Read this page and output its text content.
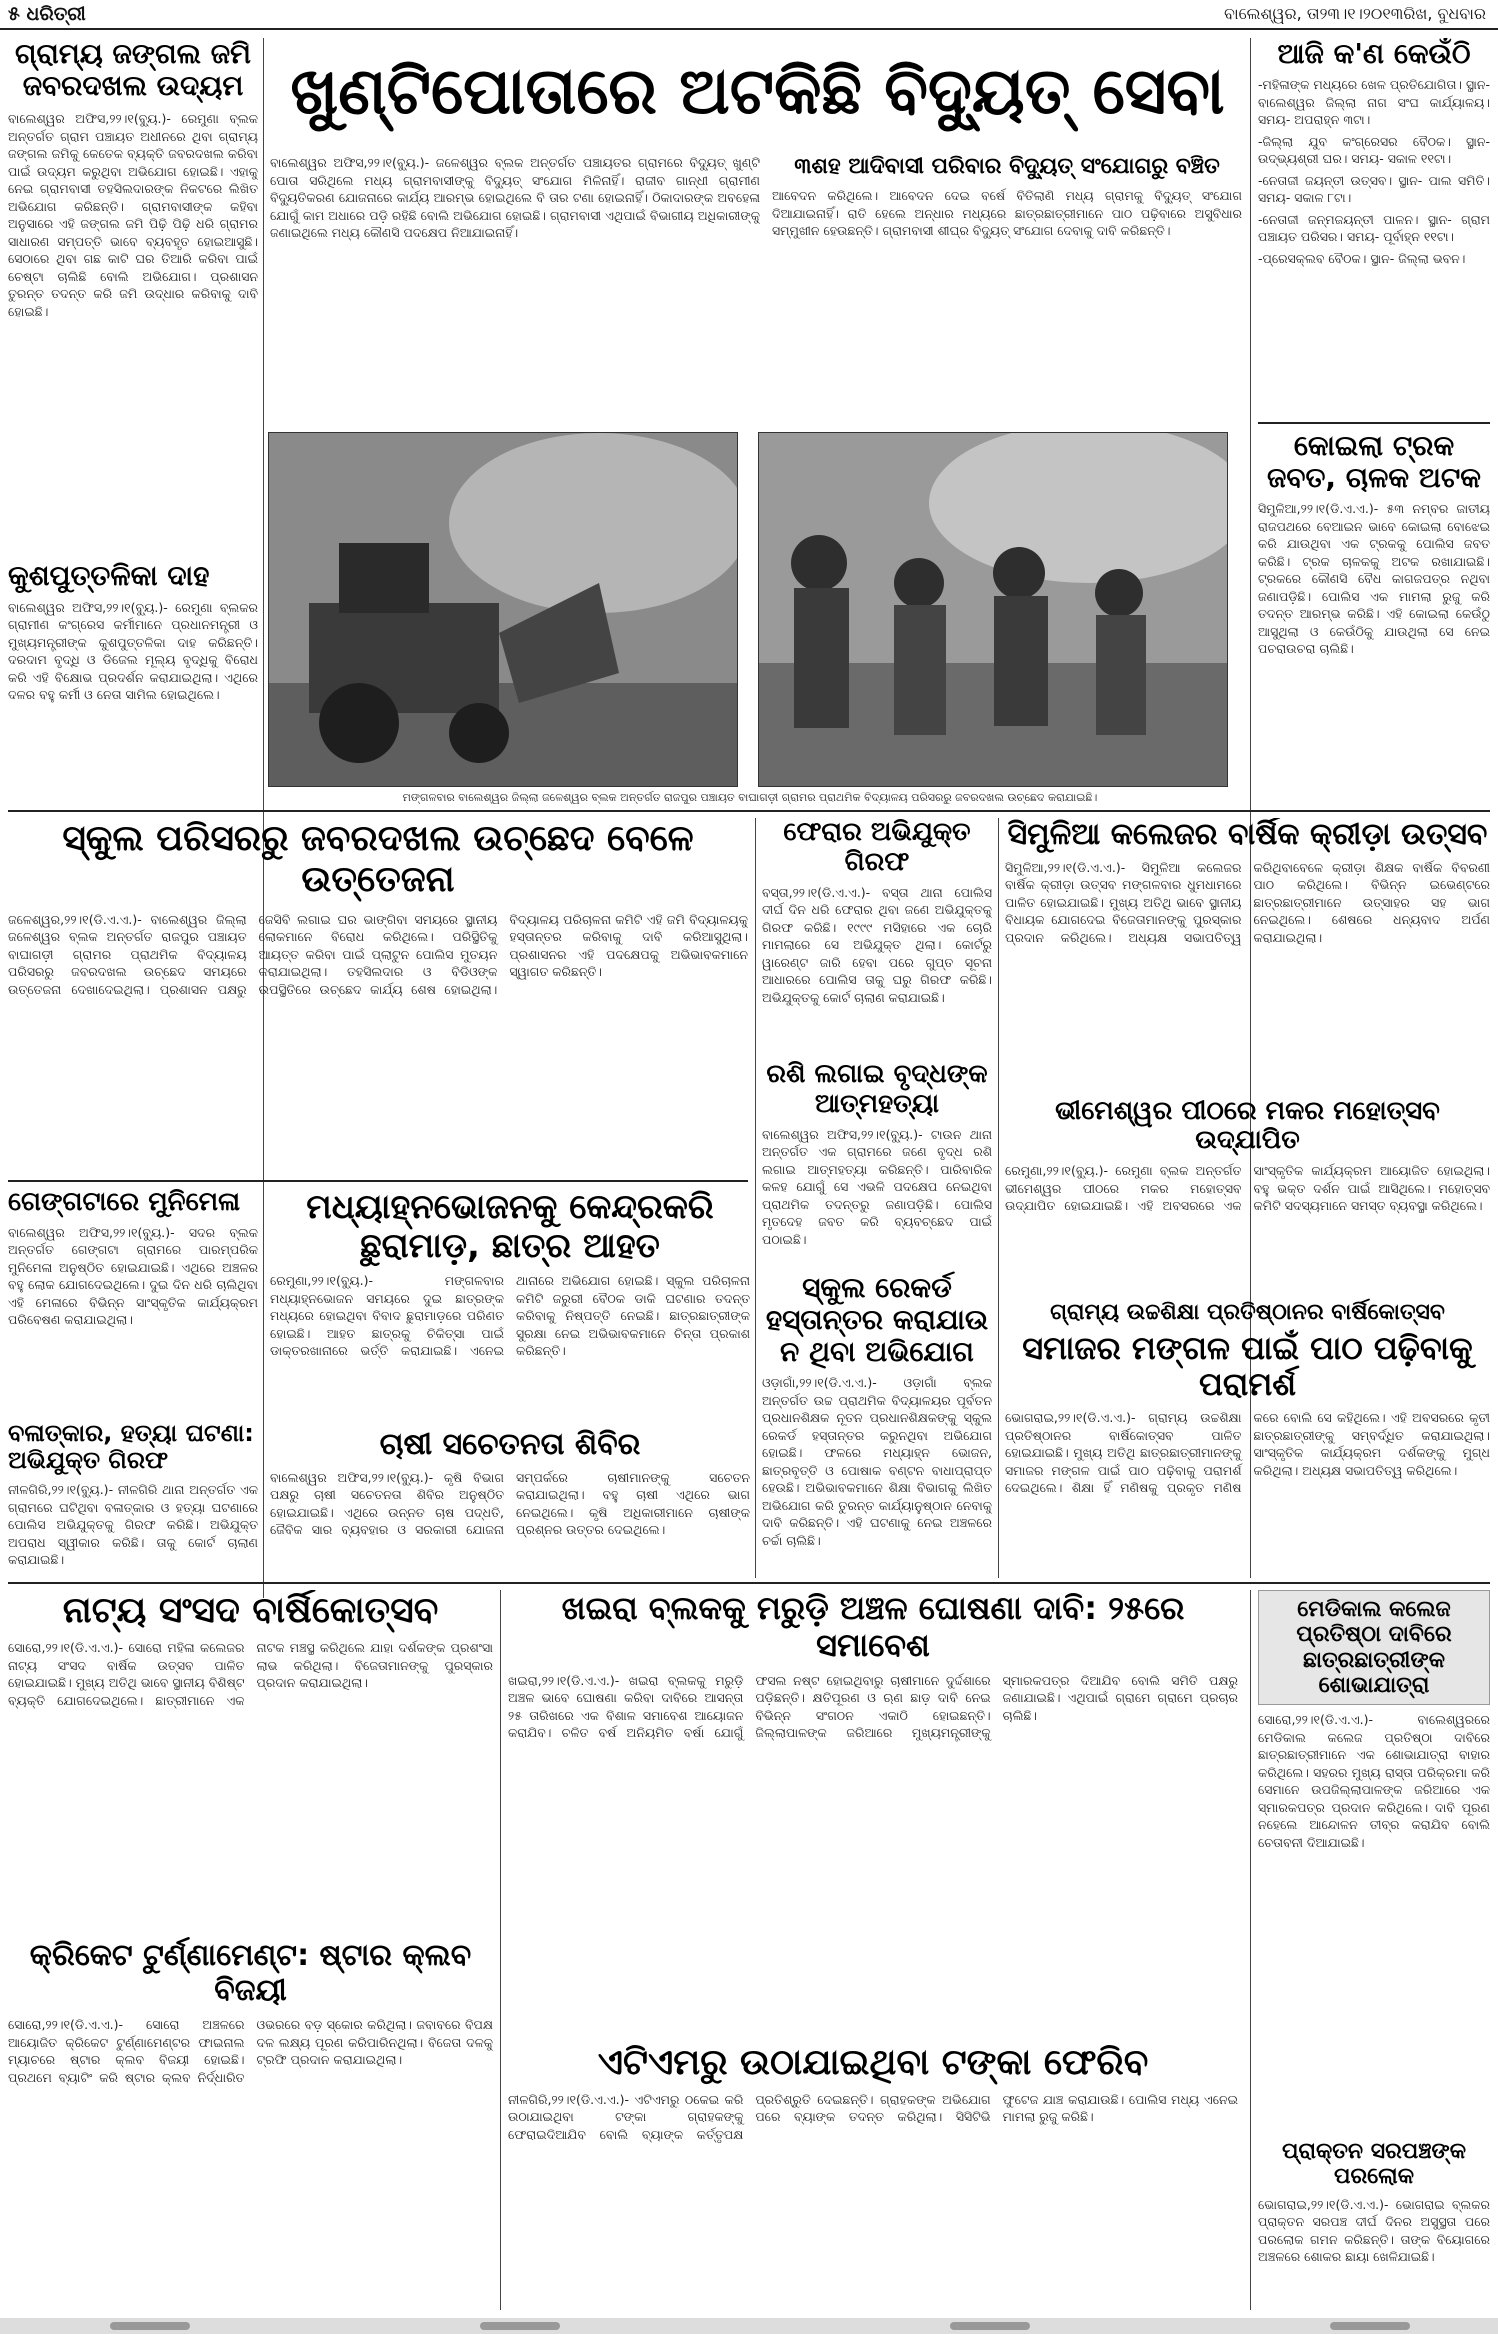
୫ ଧରିତ୍ରୀ	ବାଲେଶ୍ୱର, ତା୨୩।୧।୨୦୧୩ରିଖ, ବୁଧବାର
ଗ୍ରାମ୍ୟ ଜଙ୍ଗଲ ଜମି ଜବରଦଖଲ ଉଦ୍ୟମ
ବାଲେଶ୍ୱର ଅଫିସ,୨୨।୧(ବ୍ୟୁ.)- ରେମୁଣା ବ୍ଲକ ଅନ୍ତର୍ଗତ ଗ୍ରାମ ପଞ୍ଚାୟତ ଅଧୀନରେ ଥିବା ଗ୍ରାମ୍ୟ ଜଙ୍ଗଲ ଜମିକୁ କେତେକ ବ୍ୟକ୍ତି ଜବରଦଖଲ କରିବା ପାଇଁ ଉଦ୍ୟମ କରୁଥିବା ଅଭିଯୋଗ ହୋଇଛି। ଏହାକୁ ନେଇ ଗ୍ରାମବାସୀ ତହସିଲଦାରଙ୍କ ନିକଟରେ ଲିଖିତ ଅଭିଯୋଗ କରିଛନ୍ତି। ଗ୍ରାମବାସୀଙ୍କ କହିବା ଅନୁସାରେ ଏହି ଜଙ୍ଗଲ ଜମି ପିଢ଼ି ପିଢ଼ି ଧରି ଗ୍ରାମର ସାଧାରଣ ସମ୍ପତ୍ତି ଭାବେ ବ୍ୟବହୃତ ହୋଇଆସୁଛି। ସେଠାରେ ଥିବା ଗଛ କାଟି ଘର ତିଆରି କରିବା ପାଇଁ ଚେଷ୍ଟା ଚାଲିଛି ବୋଲି ଅଭିଯୋଗ। ପ୍ରଶାସନ ତୁରନ୍ତ ତଦନ୍ତ କରି ଜମି ଉଦ୍ଧାର କରିବାକୁ ଦାବି ହୋଇଛି।
କୁଶପୁତ୍ତଳିକା ଦାହ
ବାଲେଶ୍ୱର ଅଫିସ,୨୨।୧(ବ୍ୟୁ.)- ରେମୁଣା ବ୍ଲକର ଗ୍ରାମୀଣ କଂଗ୍ରେସ କର୍ମୀମାନେ ପ୍ରଧାନମନ୍ତ୍ରୀ ଓ ମୁଖ୍ୟମନ୍ତ୍ରୀଙ୍କ କୁଶପୁତ୍ତଳିକା ଦାହ କରିଛନ୍ତି। ଦରଦାମ ବୃଦ୍ଧି ଓ ଡିଜେଲ ମୂଲ୍ୟ ବୃଦ୍ଧିକୁ ବିରୋଧ କରି ଏହି ବିକ୍ଷୋଭ ପ୍ରଦର୍ଶନ କରାଯାଇଥିଲା। ଏଥିରେ ଦଳର ବହୁ କର୍ମୀ ଓ ନେତା ସାମିଲ ହୋଇଥିଲେ।
ଖୁଣ୍ଟିପୋତାରେ ଅଟକିଛି ବିଦ୍ୟୁତ୍ ସେବା
ବାଲେଶ୍ୱର ଅଫିସ,୨୨।୧(ବ୍ୟୁ.)- ଜଳେଶ୍ୱର ବ୍ଲକ ଅନ୍ତର୍ଗତ ପଞ୍ଚାୟତର ଗ୍ରାମରେ ବିଦ୍ୟୁତ୍ ଖୁଣ୍ଟି ପୋତା ସରିଥିଲେ ମଧ୍ୟ ଗ୍ରାମବାସୀଙ୍କୁ ବିଦ୍ୟୁତ୍ ସଂଯୋଗ ମିଳିନାହିଁ। ରାଜୀବ ଗାନ୍ଧୀ ଗ୍ରାମୀଣ ବିଦ୍ୟୁତିକରଣ ଯୋଜନାରେ କାର୍ଯ୍ୟ ଆରମ୍ଭ ହୋଇଥିଲେ ବି ତାର ଟଣା ହୋଇନାହିଁ। ଠିକାଦାରଙ୍କ ଅବହେଳା ଯୋଗୁଁ କାମ ଅଧାରେ ପଡ଼ି ରହିଛି ବୋଲି ଅଭିଯୋଗ ହୋଇଛି। ଗ୍ରାମବାସୀ ଏଥିପାଇଁ ବିଭାଗୀୟ ଅଧିକାରୀଙ୍କୁ ଜଣାଇଥିଲେ ମଧ୍ୟ କୌଣସି ପଦକ୍ଷେପ ନିଆଯାଇନାହିଁ।
୩ଶହ ଆଦିବାସୀ ପରିବାର ବିଦ୍ୟୁତ୍ ସଂଯୋଗରୁ ବଞ୍ଚିତ
ଆବେଦନ କରିଥିଲେ। ଆବେଦନ ଦେଇ ବର୍ଷେ ବିତିଲାଣି ମଧ୍ୟ ଗ୍ରାମକୁ ବିଦ୍ୟୁତ୍ ସଂଯୋଗ ଦିଆଯାଇନାହିଁ। ରାତି ହେଲେ ଅନ୍ଧାର ମଧ୍ୟରେ ଛାତ୍ରଛାତ୍ରୀମାନେ ପାଠ ପଢ଼ିବାରେ ଅସୁବିଧାର ସମ୍ମୁଖୀନ ହେଉଛନ୍ତି। ଗ୍ରାମବାସୀ ଶୀଘ୍ର ବିଦ୍ୟୁତ୍ ସଂଯୋଗ ଦେବାକୁ ଦାବି କରିଛନ୍ତି।
ମଙ୍ଗଳବାର ବାଲେଶ୍ୱର ଜିଲ୍ଲା ଜଳେଶ୍ୱର ବ୍ଲକ ଅନ୍ତର୍ଗତ ରାଜପୁର ପଞ୍ଚାୟତ ବାଘାଗଡ଼ୀ ଗ୍ରାମର ପ୍ରାଥମିକ ବିଦ୍ୟାଳୟ ପରିସରରୁ ଜବରଦଖଲ ଉଚ୍ଛେଦ କରାଯାଇଛି।
ଆଜି କ'ଣ କେଉଁଠି
-ମହିଳାଙ୍କ ମଧ୍ୟରେ ଖେଳ ପ୍ରତିଯୋଗିତା। ସ୍ଥାନ- ବାଲେଶ୍ୱର ଜିଲ୍ଲା ନାଗ ସଂଘ କାର୍ଯ୍ୟାଳୟ। ସମୟ- ଅପରାହ୍ନ ୩ଟା।
-ଜିଲ୍ଲା ଯୁବ କଂଗ୍ରେସର ବୈଠକ। ସ୍ଥାନ- ଉଦ୍ଭ୍ୟଶ୍ରୀ ଘର। ସମୟ- ସକାଳ ୧୧ଟା।
-ନେତାଜୀ ଜୟନ୍ତୀ ଉତ୍ସବ। ସ୍ଥାନ- ପାଲ ସମିତି। ସମୟ- ସକାଳ ୮ଟା।
-ନେତାଜୀ ଜନ୍ମଜୟନ୍ତୀ ପାଳନ। ସ୍ଥାନ- ଗ୍ରାମ ପଞ୍ଚାୟତ ପରିସର। ସମୟ- ପୂର୍ବାହ୍ନ ୧୧ଟା।
-ପ୍ରେସକ୍ଲବ ବୈଠକ। ସ୍ଥାନ- ଜିଲ୍ଲା ଭବନ।
କୋଇଲା ଟ୍ରକ ଜବତ, ଚାଳକ ଅଟକ
ସିମୁଳିଆ,୨୨।୧(ଡି.ଏ.ଏ.)- ୫୩ ନମ୍ବର ଜାତୀୟ ରାଜପଥରେ ବେଆଇନ ଭାବେ କୋଇଲା ବୋଝେଇ କରି ଯାଉଥିବା ଏକ ଟ୍ରକକୁ ପୋଲିସ ଜବତ କରିଛି। ଟ୍ରକ ଚାଳକକୁ ଅଟକ ରଖାଯାଇଛି। ଟ୍ରକରେ କୌଣସି ବୈଧ କାଗଜପତ୍ର ନଥିବା ଜଣାପଡ଼ିଛି। ପୋଲିସ ଏକ ମାମଲା ରୁଜୁ କରି ତଦନ୍ତ ଆରମ୍ଭ କରିଛି। ଏହି କୋଇଲା କେଉଁଠୁ ଆସୁଥିଲା ଓ କେଉଁଠିକୁ ଯାଉଥିଲା ସେ ନେଇ ପଚରାଉଚରା ଚାଲିଛି।
ସ୍କୁଲ ପରିସରରୁ ଜବରଦଖଲ ଉଚ୍ଛେଦ ବେଳେ ଉତ୍ତେଜନା
ଜଳେଶ୍ୱର,୨୨।୧(ଡି.ଏ.ଏ.)- ବାଲେଶ୍ୱର ଜିଲ୍ଲା ଜଳେଶ୍ୱର ବ୍ଲକ ଅନ୍ତର୍ଗତ ରାଜପୁର ପଞ୍ଚାୟତ ବାଘାଗଡ଼ୀ ଗ୍ରାମର ପ୍ରାଥମିକ ବିଦ୍ୟାଳୟ ପରିସରରୁ ଜବରଦଖଲ ଉଚ୍ଛେଦ ସମୟରେ ଉତ୍ତେଜନା ଦେଖାଦେଇଥିଲା। ପ୍ରଶାସନ ପକ୍ଷରୁ ଜେସିବି ଲଗାଇ ଘର ଭାଙ୍ଗିବା ସମୟରେ ସ୍ଥାନୀୟ ଲୋକମାନେ ବିରୋଧ କରିଥିଲେ। ପରିସ୍ଥିତିକୁ ଆୟତ୍ତ କରିବା ପାଇଁ ପ୍ଲାଟୁନ ପୋଲିସ ମୁତୟନ କରାଯାଇଥିଲା। ତହସିଲଦାର ଓ ବିଡିଓଙ୍କ ଉପସ୍ଥିତିରେ ଉଚ୍ଛେଦ କାର୍ଯ୍ୟ ଶେଷ ହୋଇଥିଲା। ବିଦ୍ୟାଳୟ ପରିଚାଳନା କମିଟି ଏହି ଜମି ବିଦ୍ୟାଳୟକୁ ହସ୍ତାନ୍ତର କରିବାକୁ ଦାବି କରିଆସୁଥିଲା। ପ୍ରଶାସନର ଏହି ପଦକ୍ଷେପକୁ ଅଭିଭାବକମାନେ ସ୍ୱାଗତ କରିଛନ୍ତି।
ଫେରାର ଅଭିଯୁକ୍ତ ଗିରଫ
ବସ୍ତା,୨୨।୧(ଡି.ଏ.ଏ.)- ବସ୍ତା ଥାନା ପୋଲିସ ଦୀର୍ଘ ଦିନ ଧରି ଫେରାର ଥିବା ଜଣେ ଅଭିଯୁକ୍ତକୁ ଗିରଫ କରିଛି। ୧୯୯୯ ମସିହାରେ ଏକ ଚୋରି ମାମଲାରେ ସେ ଅଭିଯୁକ୍ତ ଥିଲା। କୋର୍ଟରୁ ୱାରେଣ୍ଟ ଜାରି ହେବା ପରେ ଗୁପ୍ତ ସୂଚନା ଆଧାରରେ ପୋଲିସ ତାକୁ ଘରୁ ଗିରଫ କରିଛି। ଅଭିଯୁକ୍ତକୁ କୋର୍ଟ ଚାଲାଣ କରାଯାଇଛି।
ରଶି ଲଗାଇ ବୃଦ୍ଧଙ୍କ ଆତ୍ମହତ୍ୟା
ବାଲେଶ୍ୱର ଅଫିସ,୨୨।୧(ବ୍ୟୁ.)- ଟାଉନ ଥାନା ଅନ୍ତର୍ଗତ ଏକ ଗ୍ରାମରେ ଜଣେ ବୃଦ୍ଧ ରଶି ଲଗାଇ ଆତ୍ମହତ୍ୟା କରିଛନ୍ତି। ପାରିବାରିକ କଳହ ଯୋଗୁଁ ସେ ଏଭଳି ପଦକ୍ଷେପ ନେଇଥିବା ପ୍ରାଥମିକ ତଦନ୍ତରୁ ଜଣାପଡ଼ିଛି। ପୋଲିସ ମୃତଦେହ ଜବତ କରି ବ୍ୟବଚ୍ଛେଦ ପାଇଁ ପଠାଇଛି।
ସ୍କୁଲ ରେକର୍ଡ ହସ୍ତାନ୍ତର କରାଯାଉ ନ ଥିବା ଅଭିଯୋଗ
ଓଡ଼ାଗାଁ,୨୨।୧(ଡି.ଏ.ଏ.)- ଓଡ଼ାଗାଁ ବ୍ଲକ ଅନ୍ତର୍ଗତ ଉଚ୍ଚ ପ୍ରାଥମିକ ବିଦ୍ୟାଳୟର ପୂର୍ବତନ ପ୍ରଧାନଶିକ୍ଷକ ନୂତନ ପ୍ରଧାନଶିକ୍ଷକଙ୍କୁ ସ୍କୁଲ ରେକର୍ଡ ହସ୍ତାନ୍ତର କରୁନଥିବା ଅଭିଯୋଗ ହୋଇଛି। ଫଳରେ ମଧ୍ୟାହ୍ନ ଭୋଜନ, ଛାତ୍ରବୃତ୍ତି ଓ ପୋଷାକ ବଣ୍ଟନ ବାଧାପ୍ରାପ୍ତ ହେଉଛି। ଅଭିଭାବକମାନେ ଶିକ୍ଷା ବିଭାଗକୁ ଲିଖିତ ଅଭିଯୋଗ କରି ତୁରନ୍ତ କାର୍ଯ୍ୟାନୁଷ୍ଠାନ ନେବାକୁ ଦାବି କରିଛନ୍ତି। ଏହି ଘଟଣାକୁ ନେଇ ଅଞ୍ଚଳରେ ଚର୍ଚ୍ଚା ଚାଲିଛି।
ସିମୁଳିଆ କଲେଜର ବାର୍ଷିକ କ୍ରୀଡ଼ା ଉତ୍ସବ
ସିମୁଳିଆ,୨୨।୧(ଡି.ଏ.ଏ.)- ସିମୁଳିଆ କଲେଜର ବାର୍ଷିକ କ୍ରୀଡ଼ା ଉତ୍ସବ ମଙ୍ଗଳବାର ଧୁମଧାମରେ ପାଳିତ ହୋଇଯାଇଛି। ମୁଖ୍ୟ ଅତିଥି ଭାବେ ସ୍ଥାନୀୟ ବିଧାୟକ ଯୋଗଦେଇ ବିଜେତାମାନଙ୍କୁ ପୁରସ୍କାର ପ୍ରଦାନ କରିଥିଲେ। ଅଧ୍ୟକ୍ଷ ସଭାପତିତ୍ୱ କରିଥିବାବେଳେ କ୍ରୀଡ଼ା ଶିକ୍ଷକ ବାର୍ଷିକ ବିବରଣୀ ପାଠ କରିଥିଲେ। ବିଭିନ୍ନ ଇଭେଣ୍ଟରେ ଛାତ୍ରଛାତ୍ରୀମାନେ ଉତ୍ସାହର ସହ ଭାଗ ନେଇଥିଲେ। ଶେଷରେ ଧନ୍ୟବାଦ ଅର୍ପଣ କରାଯାଇଥିଲା।
ଭୀମେଶ୍ୱର ପୀଠରେ ମକର ମହୋତ୍ସବ ଉଦ୍‌ଯାପିତ
ରେମୁଣା,୨୨।୧(ବ୍ୟୁ.)- ରେମୁଣା ବ୍ଲକ ଅନ୍ତର୍ଗତ ଭୀମେଶ୍ୱର ପୀଠରେ ମକର ମହୋତ୍ସବ ଉଦ୍‌ଯାପିତ ହୋଇଯାଇଛି। ଏହି ଅବସରରେ ଏକ ସାଂସ୍କୃତିକ କାର୍ଯ୍ୟକ୍ରମ ଆୟୋଜିତ ହୋଇଥିଲା। ବହୁ ଭକ୍ତ ଦର୍ଶନ ପାଇଁ ଆସିଥିଲେ। ମହୋତ୍ସବ କମିଟି ସଦସ୍ୟମାନେ ସମସ୍ତ ବ୍ୟବସ୍ଥା କରିଥିଲେ।
ଗ୍ରାମ୍ୟ ଉଚ୍ଚଶିକ୍ଷା ପ୍ରତିଷ୍ଠାନର ବାର୍ଷିକୋତ୍ସବ
ସମାଜର ମଙ୍ଗଳ ପାଇଁ ପାଠ ପଢ଼ିବାକୁ ପରାମର୍ଶ
ଭୋଗରାଇ,୨୨।୧(ଡି.ଏ.ଏ.)- ଗ୍ରାମ୍ୟ ଉଚ୍ଚଶିକ୍ଷା ପ୍ରତିଷ୍ଠାନର ବାର୍ଷିକୋତ୍ସବ ପାଳିତ ହୋଇଯାଇଛି। ମୁଖ୍ୟ ଅତିଥି ଛାତ୍ରଛାତ୍ରୀମାନଙ୍କୁ ସମାଜର ମଙ୍ଗଳ ପାଇଁ ପାଠ ପଢ଼ିବାକୁ ପରାମର୍ଶ ଦେଇଥିଲେ। ଶିକ୍ଷା ହିଁ ମଣିଷକୁ ପ୍ରକୃତ ମଣିଷ କରେ ବୋଲି ସେ କହିଥିଲେ। ଏହି ଅବସରରେ କୃତୀ ଛାତ୍ରଛାତ୍ରୀଙ୍କୁ ସମ୍ବର୍ଦ୍ଧିତ କରାଯାଇଥିଲା। ସାଂସ୍କୃତିକ କାର୍ଯ୍ୟକ୍ରମ ଦର୍ଶକଙ୍କୁ ମୁଗ୍ଧ କରିଥିଲା। ଅଧ୍ୟକ୍ଷ ସଭାପତିତ୍ୱ କରିଥିଲେ।
ଗେଙ୍ଗଟାରେ ମୁନିମେଳା
ବାଲେଶ୍ୱର ଅଫିସ,୨୨।୧(ବ୍ୟୁ.)- ସଦର ବ୍ଲକ ଅନ୍ତର୍ଗତ ଗେଙ୍ଗଟା ଗ୍ରାମରେ ପାରମ୍ପରିକ ମୁନିମେଳା ଅନୁଷ୍ଠିତ ହୋଇଯାଇଛି। ଏଥିରେ ଅଞ୍ଚଳର ବହୁ ଲୋକ ଯୋଗଦେଇଥିଲେ। ଦୁଇ ଦିନ ଧରି ଚାଲିଥିବା ଏହି ମେଳାରେ ବିଭିନ୍ନ ସାଂସ୍କୃତିକ କାର୍ଯ୍ୟକ୍ରମ ପରିବେଷଣ କରାଯାଇଥିଲା।
ବଳାତ୍କାର, ହତ୍ୟା ଘଟଣା: ଅଭିଯୁକ୍ତ ଗିରଫ
ନୀଳଗିରି,୨୨।୧(ବ୍ୟୁ.)- ନୀଳଗିରି ଥାନା ଅନ୍ତର୍ଗତ ଏକ ଗ୍ରାମରେ ଘଟିଥିବା ବଳାତ୍କାର ଓ ହତ୍ୟା ଘଟଣାରେ ପୋଲିସ ଅଭିଯୁକ୍ତକୁ ଗିରଫ କରିଛି। ଅଭିଯୁକ୍ତ ଅପରାଧ ସ୍ୱୀକାର କରିଛି। ତାକୁ କୋର୍ଟ ଚାଲାଣ କରାଯାଇଛି।
ମଧ୍ୟାହ୍ନଭୋଜନକୁ କେନ୍ଦ୍ରକରି ଛୁରାମାଡ଼, ଛାତ୍ର ଆହତ
ରେମୁଣା,୨୨।୧(ବ୍ୟୁ.)- ମଙ୍ଗଳବାର ମଧ୍ୟାହ୍ନଭୋଜନ ସମୟରେ ଦୁଇ ଛାତ୍ରଙ୍କ ମଧ୍ୟରେ ହୋଇଥିବା ବିବାଦ ଛୁରାମାଡ଼ରେ ପରିଣତ ହୋଇଛି। ଆହତ ଛାତ୍ରକୁ ଚିକିତ୍ସା ପାଇଁ ଡାକ୍ତରଖାନାରେ ଭର୍ତ୍ତି କରାଯାଇଛି। ଏନେଇ ଥାନାରେ ଅଭିଯୋଗ ହୋଇଛି। ସ୍କୁଲ ପରିଚାଳନା କମିଟି ଜରୁରୀ ବୈଠକ ଡାକି ଘଟଣାର ତଦନ୍ତ କରିବାକୁ ନିଷ୍ପତ୍ତି ନେଇଛି। ଛାତ୍ରଛାତ୍ରୀଙ୍କ ସୁରକ୍ଷା ନେଇ ଅଭିଭାବକମାନେ ଚିନ୍ତା ପ୍ରକାଶ କରିଛନ୍ତି।
ଚାଷୀ ସଚେତନତା ଶିବିର
ବାଲେଶ୍ୱର ଅଫିସ,୨୨।୧(ବ୍ୟୁ.)- କୃଷି ବିଭାଗ ପକ୍ଷରୁ ଚାଷୀ ସଚେତନତା ଶିବିର ଅନୁଷ୍ଠିତ ହୋଇଯାଇଛି। ଏଥିରେ ଉନ୍ନତ ଚାଷ ପଦ୍ଧତି, ଜୈବିକ ସାର ବ୍ୟବହାର ଓ ସରକାରୀ ଯୋଜନା ସମ୍ପର୍କରେ ଚାଷୀମାନଙ୍କୁ ସଚେତନ କରାଯାଇଥିଲା। ବହୁ ଚାଷୀ ଏଥିରେ ଭାଗ ନେଇଥିଲେ। କୃଷି ଅଧିକାରୀମାନେ ଚାଷୀଙ୍କ ପ୍ରଶ୍ନର ଉତ୍ତର ଦେଇଥିଲେ।
ନାଟ୍ୟ ସଂସଦ ବାର୍ଷିକୋତ୍ସବ
ସୋରୋ,୨୨।୧(ଡି.ଏ.ଏ.)- ସୋରୋ ମହିଳା କଲେଜର ନାଟ୍ୟ ସଂସଦ ବାର୍ଷିକ ଉତ୍ସବ ପାଳିତ ହୋଇଯାଇଛି। ମୁଖ୍ୟ ଅତିଥି ଭାବେ ସ୍ଥାନୀୟ ବିଶିଷ୍ଟ ବ୍ୟକ୍ତି ଯୋଗଦେଇଥିଲେ। ଛାତ୍ରୀମାନେ ଏକ ନାଟକ ମଞ୍ଚସ୍ଥ କରିଥିଲେ ଯାହା ଦର୍ଶକଙ୍କ ପ୍ରଶଂସା ଲାଭ କରିଥିଲା। ବିଜେତାମାନଙ୍କୁ ପୁରସ୍କାର ପ୍ରଦାନ କରାଯାଇଥିଲା।
କ୍ରିକେଟ ଟୁର୍ଣ୍ଣାମେଣ୍ଟ: ଷ୍ଟାର କ୍ଲବ ବିଜୟୀ
ସୋରୋ,୨୨।୧(ଡି.ଏ.ଏ.)- ସୋରୋ ଅଞ୍ଚଳରେ ଆୟୋଜିତ କ୍ରିକେଟ ଟୁର୍ଣ୍ଣାମେଣ୍ଟର ଫାଇନାଲ ମ୍ୟାଚରେ ଷ୍ଟାର କ୍ଲବ ବିଜୟୀ ହୋଇଛି। ପ୍ରଥମେ ବ୍ୟାଟିଂ କରି ଷ୍ଟାର କ୍ଲବ ନିର୍ଦ୍ଧାରିତ ଓଭରରେ ବଡ଼ ସ୍କୋର କରିଥିଲା। ଜବାବରେ ବିପକ୍ଷ ଦଳ ଲକ୍ଷ୍ୟ ପୂରଣ କରିପାରିନଥିଲା। ବିଜେତା ଦଳକୁ ଟ୍ରଫି ପ୍ରଦାନ କରାଯାଇଥିଲା।
ଖଇରା ବ୍ଲକକୁ ମରୁଡ଼ି ଅଞ୍ଚଳ ଘୋଷଣା ଦାବି: ୨୫ରେ ସମାବେଶ
ଖଇରା,୨୨।୧(ଡି.ଏ.ଏ.)- ଖଇରା ବ୍ଲକକୁ ମରୁଡ଼ି ଅଞ୍ଚଳ ଭାବେ ଘୋଷଣା କରିବା ଦାବିରେ ଆସନ୍ତା ୨୫ ତାରିଖରେ ଏକ ବିଶାଳ ସମାବେଶ ଆୟୋଜନ କରାଯିବ। ଚଳିତ ବର୍ଷ ଅନିୟମିତ ବର୍ଷା ଯୋଗୁଁ ଫସଲ ନଷ୍ଟ ହୋଇଥିବାରୁ ଚାଷୀମାନେ ଦୁର୍ଦ୍ଦଶାରେ ପଡ଼ିଛନ୍ତି। କ୍ଷତିପୂରଣ ଓ ଋଣ ଛାଡ଼ ଦାବି ନେଇ ବିଭିନ୍ନ ସଂଗଠନ ଏକାଠି ହୋଇଛନ୍ତି। ଜିଲ୍ଲାପାଳଙ୍କ ଜରିଆରେ ମୁଖ୍ୟମନ୍ତ୍ରୀଙ୍କୁ ସ୍ମାରକପତ୍ର ଦିଆଯିବ ବୋଲି ସମିତି ପକ୍ଷରୁ ଜଣାଯାଇଛି। ଏଥିପାଇଁ ଗ୍ରାମେ ଗ୍ରାମେ ପ୍ରଚାର ଚାଲିଛି।
ଏଟିଏମରୁ ଉଠାଯାଇଥିବା ଟଙ୍କା ଫେରିବ
ନୀଳଗିରି,୨୨।୧(ଡି.ଏ.ଏ.)- ଏଟିଏମରୁ ଠକେଇ କରି ଉଠାଯାଇଥିବା ଟଙ୍କା ଗ୍ରାହକଙ୍କୁ ଫେରାଇଦିଆଯିବ ବୋଲି ବ୍ୟାଙ୍କ କର୍ତ୍ତୃପକ୍ଷ ପ୍ରତିଶ୍ରୁତି ଦେଇଛନ୍ତି। ଗ୍ରାହକଙ୍କ ଅଭିଯୋଗ ପରେ ବ୍ୟାଙ୍କ ତଦନ୍ତ କରିଥିଲା। ସିସିଟିଭି ଫୁଟେଜ ଯାଞ୍ଚ କରାଯାଉଛି। ପୋଲିସ ମଧ୍ୟ ଏନେଇ ମାମଲା ରୁଜୁ କରିଛି।
ମେଡିକାଲ କଲେଜ ପ୍ରତିଷ୍ଠା ଦାବିରେ ଛାତ୍ରଛାତ୍ରୀଙ୍କ ଶୋଭାଯାତ୍ରା
ସୋରୋ,୨୨।୧(ଡି.ଏ.ଏ.)- ବାଲେଶ୍ୱରରେ ମେଡିକାଲ କଲେଜ ପ୍ରତିଷ୍ଠା ଦାବିରେ ଛାତ୍ରଛାତ୍ରୀମାନେ ଏକ ଶୋଭାଯାତ୍ରା ବାହାର କରିଥିଲେ। ସହରର ମୁଖ୍ୟ ରାସ୍ତା ପରିକ୍ରମା କରି ସେମାନେ ଉପଜିଲ୍ଲାପାଳଙ୍କ ଜରିଆରେ ଏକ ସ୍ମାରକପତ୍ର ପ୍ରଦାନ କରିଥିଲେ। ଦାବି ପୂରଣ ନହେଲେ ଆନ୍ଦୋଳନ ତୀବ୍ର କରାଯିବ ବୋଲି ଚେତାବନୀ ଦିଆଯାଇଛି।
ପ୍ରାକ୍ତନ ସରପଞ୍ଚଙ୍କ ପରଲୋକ
ଭୋଗରାଇ,୨୨।୧(ଡି.ଏ.ଏ.)- ଭୋଗରାଇ ବ୍ଲକର ପ୍ରାକ୍ତନ ସରପଞ୍ଚ ଦୀର୍ଘ ଦିନର ଅସୁସ୍ଥତା ପରେ ପରଲୋକ ଗମନ କରିଛନ୍ତି। ତାଙ୍କ ବିୟୋଗରେ ଅଞ୍ଚଳରେ ଶୋକର ଛାୟା ଖେଳିଯାଇଛି।
